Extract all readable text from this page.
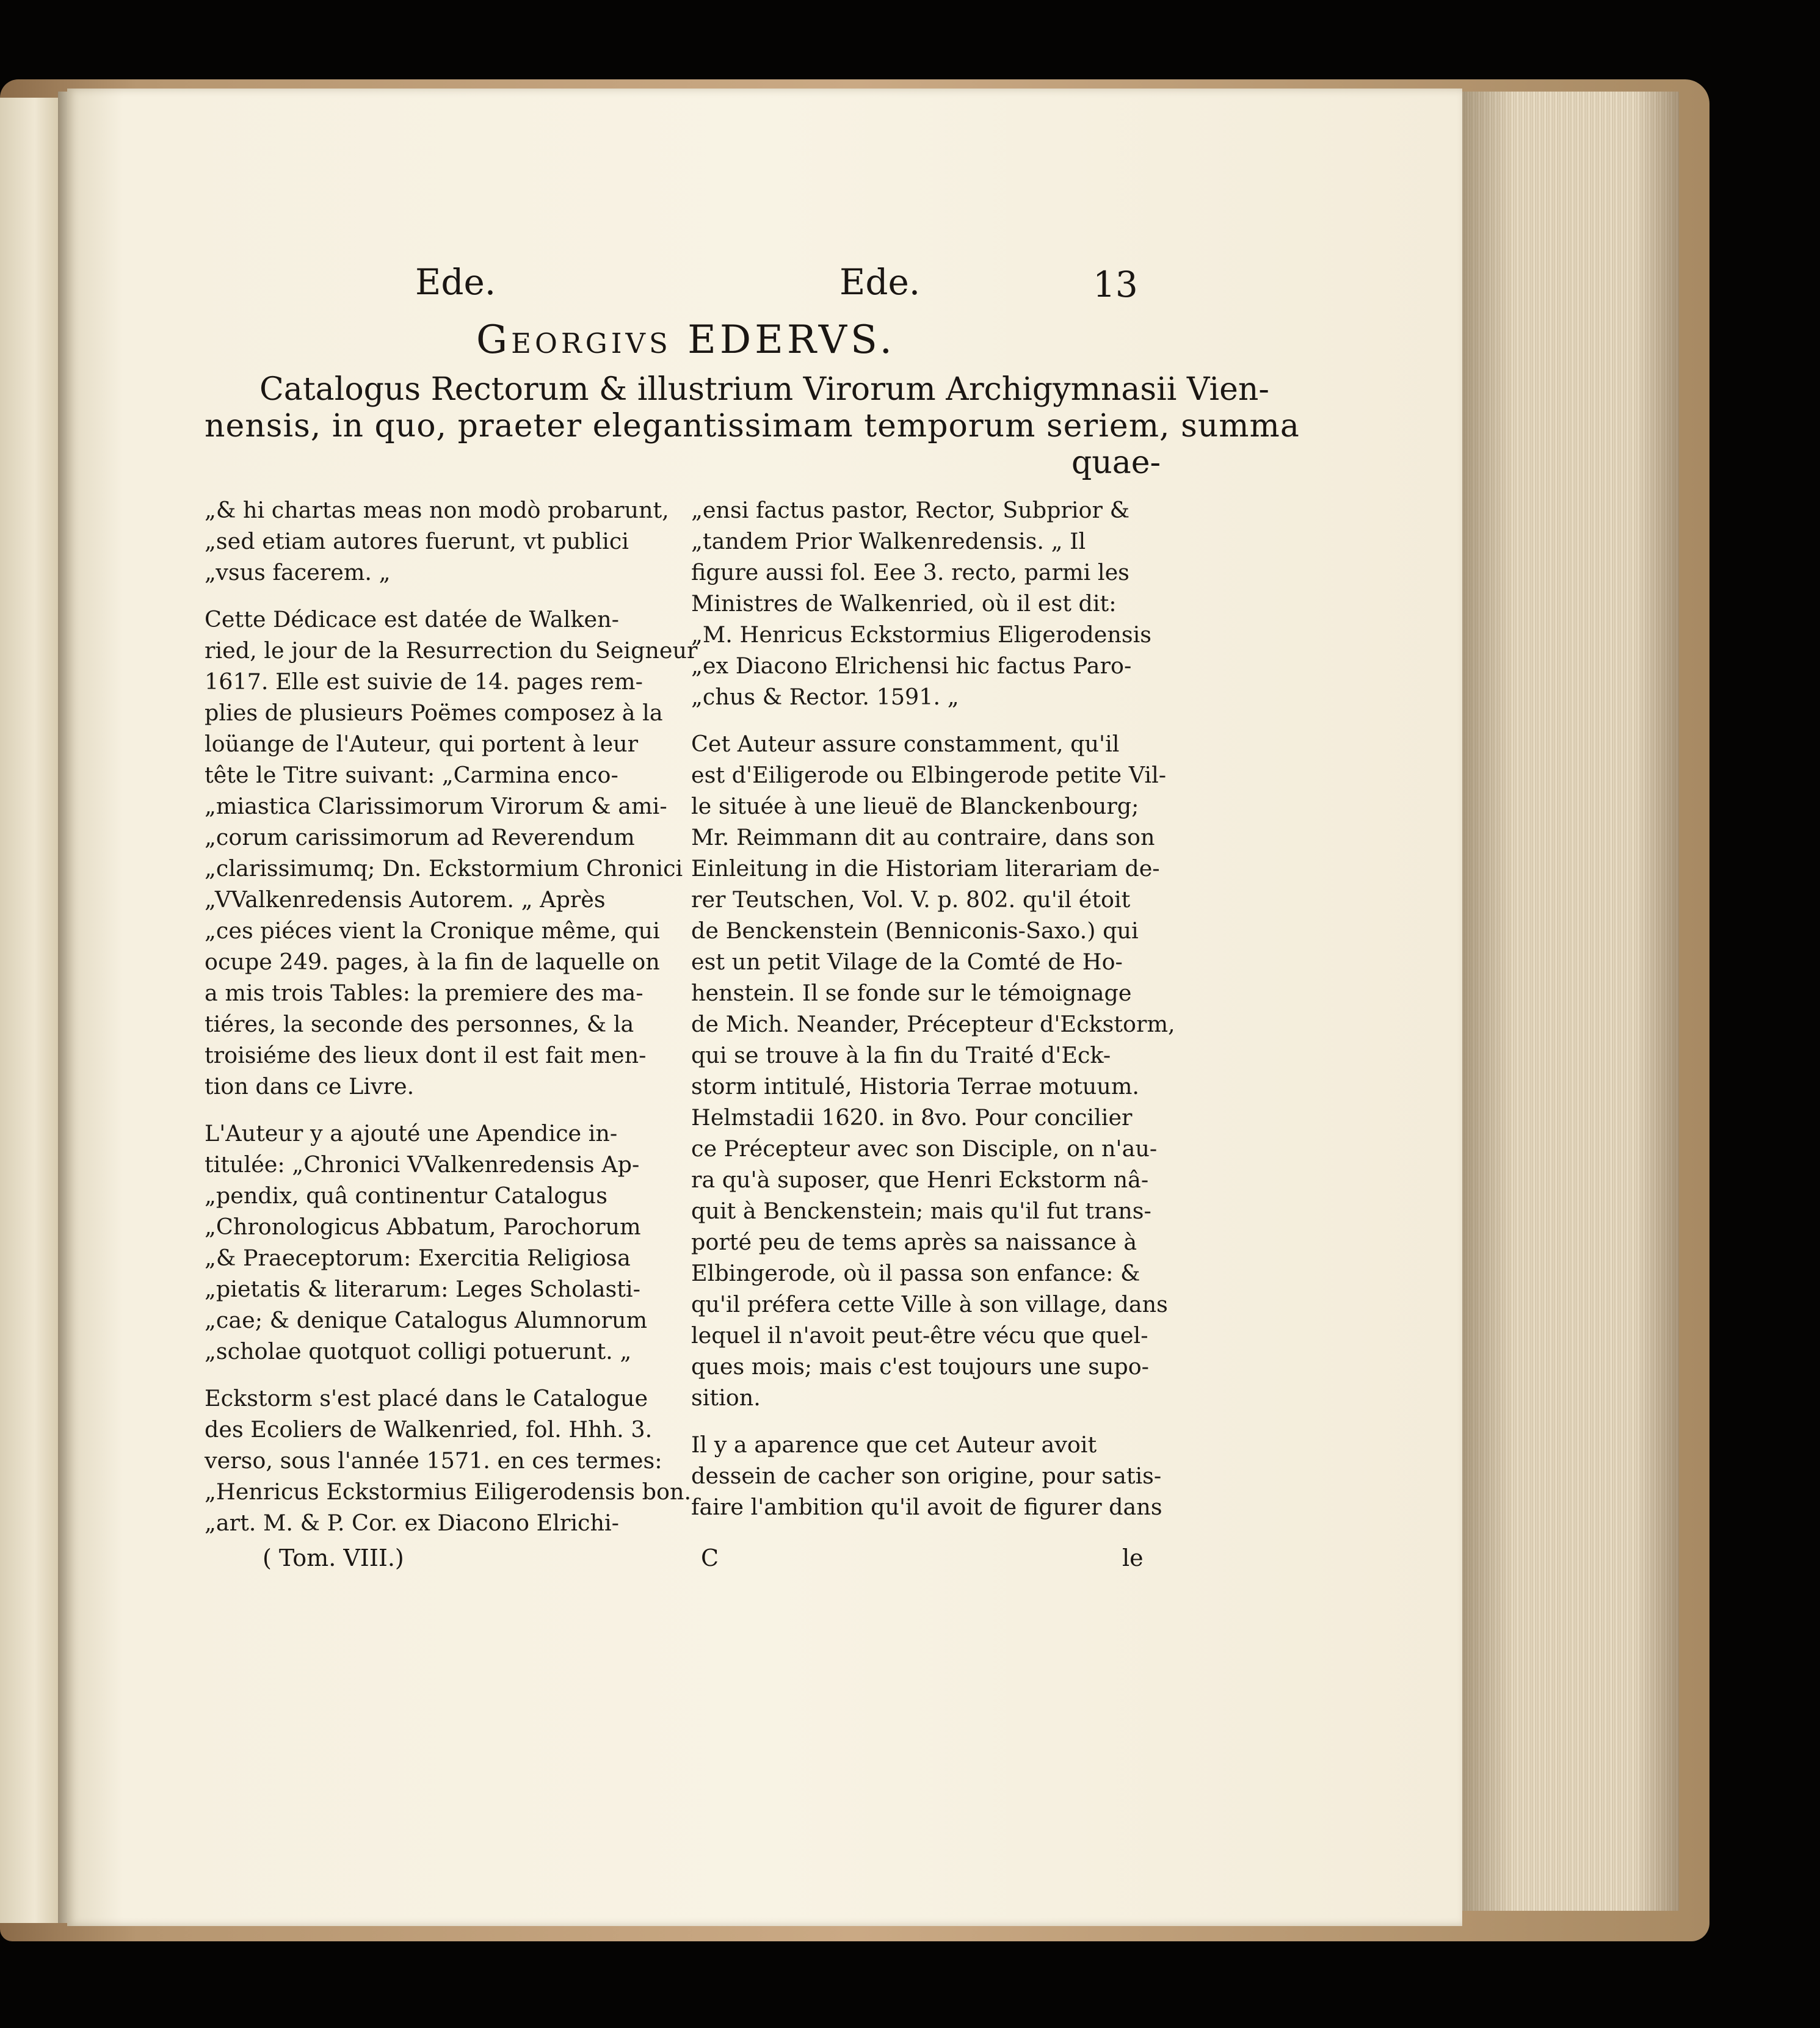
Ede.	Ede.	13
Georgivs EDERVS.
Catalogus Rectorum & illustrium Virorum Archigymnasii Vien-
nensis, in quo, praeter elegantissimam temporum seriem, summa
quae-

„& hi chartas meas non modò probarunt,

„sed etiam autores fuerunt, vt publici

„vsus facerem. „

Cette Dédicace est datée de Walken-

ried, le jour de la Resurrection du Seigneur

1617. Elle est suivie de 14. pages rem-

plies de plusieurs Poëmes composez à la

loüange de l'Auteur, qui portent à leur

tête le Titre suivant: „Carmina enco-

„miastica Clarissimorum Virorum & ami-

„corum carissimorum ad Reverendum

„clarissimumq; Dn. Eckstormium Chronici

„VValkenredensis Autorem. „ Après

„ces piéces vient la Cronique même, qui

ocupe 249. pages, à la fin de laquelle on

a mis trois Tables: la premiere des ma-

tiéres, la seconde des personnes, & la

troisiéme des lieux dont il est fait men-

tion dans ce Livre.

L'Auteur y a ajouté une Apendice in-

titulée: „Chronici VValkenredensis Ap-

„pendix, quâ continentur Catalogus

„Chronologicus Abbatum, Parochorum

„& Praeceptorum: Exercitia Religiosa

„pietatis & literarum: Leges Scholasti-

„cae; & denique Catalogus Alumnorum

„scholae quotquot colligi potuerunt. „

Eckstorm s'est placé dans le Catalogue

des Ecoliers de Walkenried, fol. Hhh. 3.

verso, sous l'année 1571. en ces termes:

„Henricus Eckstormius Eiligerodensis bon.

„art. M. & P. Cor. ex Diacono Elrichi-

„ensi factus pastor, Rector, Subprior &

„tandem Prior Walkenredensis. „ Il

figure aussi fol. Eee 3. recto, parmi les

Ministres de Walkenried, où il est dit:

„M. Henricus Eckstormius Eligerodensis

„ex Diacono Elrichensi hic factus Paro-

„chus & Rector. 1591. „

Cet Auteur assure constamment, qu'il

est d'Eiligerode ou Elbingerode petite Vil-

le située à une lieuë de Blanckenbourg;

Mr. Reimmann dit au contraire, dans son

Einleitung in die Historiam literariam de-

rer Teutschen, Vol. V. p. 802. qu'il étoit

de Benckenstein (Benniconis-Saxo.) qui

est un petit Vilage de la Comté de Ho-

henstein. Il se fonde sur le témoignage

de Mich. Neander, Précepteur d'Eckstorm,

qui se trouve à la fin du Traité d'Eck-

storm intitulé, Historia Terrae motuum.

Helmstadii 1620. in 8vo. Pour concilier

ce Précepteur avec son Disciple, on n'au-

ra qu'à suposer, que Henri Eckstorm nâ-

quit à Benckenstein; mais qu'il fut trans-

porté peu de tems après sa naissance à

Elbingerode, où il passa son enfance: &

qu'il préfera cette Ville à son village, dans

lequel il n'avoit peut-être vécu que quel-

ques mois; mais c'est toujours une supo-

sition.

Il y a aparence que cet Auteur avoit

dessein de cacher son origine, pour satis-

faire l'ambition qu'il avoit de figurer dans

( Tom. VIII.)	C	le
